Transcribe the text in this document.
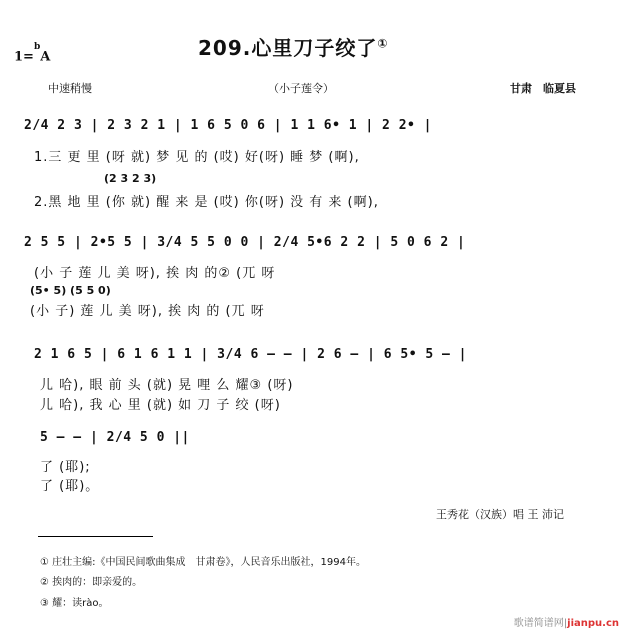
209.心里刀子绞了①
1=$^b$A
中速稍慢	（小子莲令）	甘肃　临夏县
2/4 2 3 | 2 3 2 1 | 1 6 5 0 6 | 1 1 6• 1 | 2 2• |
1.三 更 里 (呀 就) 梦 见 的 (哎) 好(呀) 睡 梦 (啊),
(2 3 2 3)
2.黑 地 里 (你 就) 醒 来 是 (哎) 你(呀) 没 有 来 (啊),
2 5 5 | 2•5 5 | 3/4 5 5 0 0 | 2/4 5•6 2 2 | 5 0 6 2 |
(小 子 莲 儿 美 呀), 挨 肉 的② (兀 呀
(5• 5) (5 5 0)
(小 子) 莲 儿 美 呀), 挨 肉 的 (兀 呀
2 1 6 5 | 6 1 6 1 1 | 3/4 6 — — | 2 6 — | 6 5• 5 — |
儿 哈), 眼 前 头 (就) 晃 哩 么 耀③ (呀)
儿 哈), 我 心 里 (就) 如 刀 子 绞 (呀)
5 — — | 2/4 5 0 ||
了 (耶);
了 (耶)。
王秀花（汉族）唱 王 沛记
① 庄壮主编:《中国民间歌曲集成　甘肃卷》，人民音乐出版社，1994年。
② 挨肉的：即亲爱的。
③ 耀：读rào。
歌谱简谱网|jianpu.cn
